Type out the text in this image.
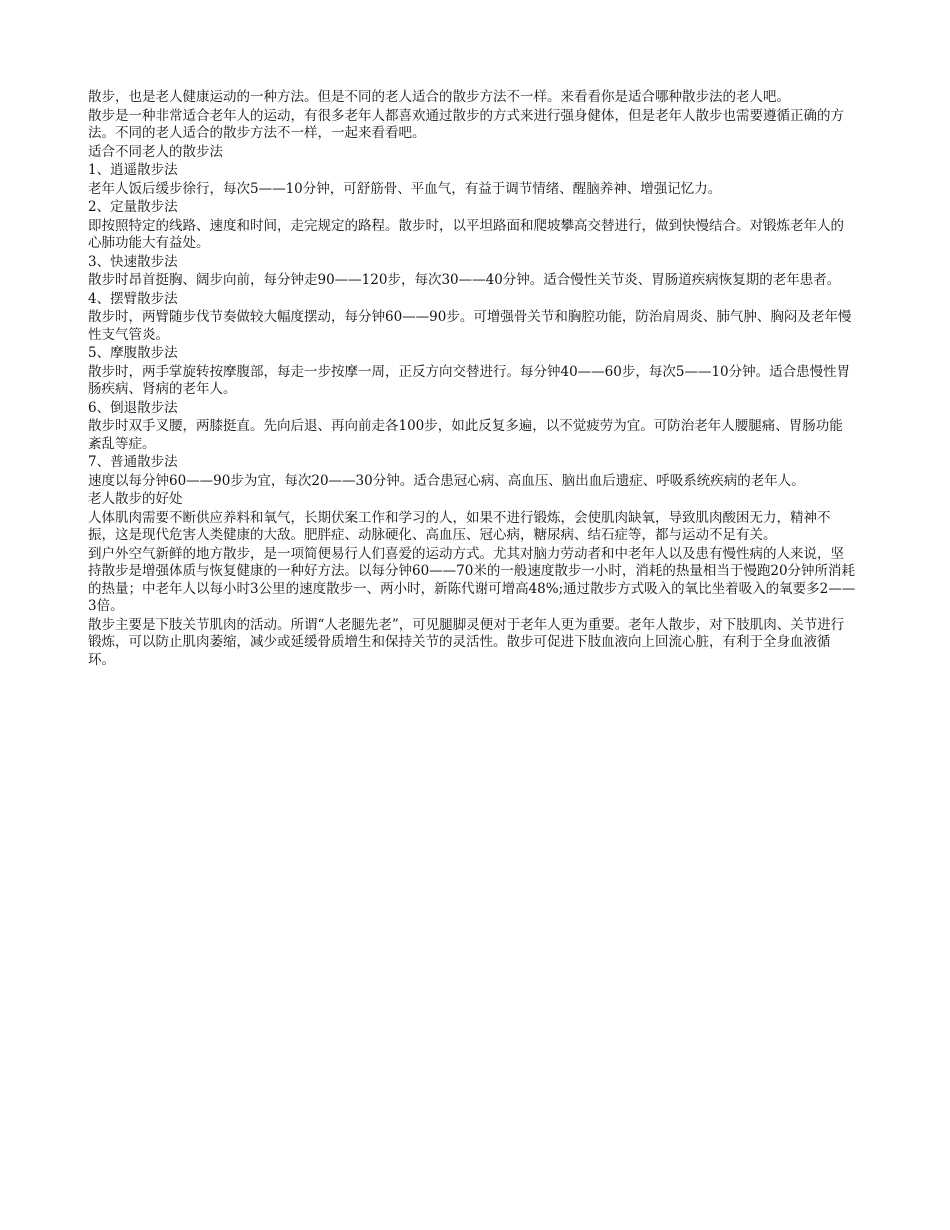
散步，也是老人健康运动的一种方法。但是不同的老人适合的散步方法不一样。来看看你是适合哪种散步法的老人吧。

散步是一种非常适合老年人的运动，有很多老年人都喜欢通过散步的方式来进行强身健体，但是老年人散步也需要遵循正确的方法。不同的老人适合的散步方法不一样，一起来看看吧。

适合不同老人的散步法

1、逍遥散步法

老年人饭后缓步徐行，每次5——10分钟，可舒筋骨、平血气，有益于调节情绪、醒脑养神、增强记忆力。

2、定量散步法

即按照特定的线路、速度和时间，走完规定的路程。散步时，以平坦路面和爬坡攀高交替进行，做到快慢结合。对锻炼老年人的心肺功能大有益处。

3、快速散步法

散步时昂首挺胸、阔步向前，每分钟走90——120步，每次30——40分钟。适合慢性关节炎、胃肠道疾病恢复期的老年患者。

4、摆臂散步法

散步时，两臂随步伐节奏做较大幅度摆动，每分钟60——90步。可增强骨关节和胸腔功能，防治肩周炎、肺气肿、胸闷及老年慢性支气管炎。

5、摩腹散步法

散步时，两手掌旋转按摩腹部，每走一步按摩一周，正反方向交替进行。每分钟40——60步，每次5——10分钟。适合患慢性胃肠疾病、肾病的老年人。

6、倒退散步法

散步时双手叉腰，两膝挺直。先向后退、再向前走各100步，如此反复多遍，以不觉疲劳为宜。可防治老年人腰腿痛、胃肠功能紊乱等症。

7、普通散步法

速度以每分钟60——90步为宜，每次20——30分钟。适合患冠心病、高血压、脑出血后遗症、呼吸系统疾病的老年人。

老人散步的好处

人体肌肉需要不断供应养料和氧气，长期伏案工作和学习的人，如果不进行锻炼，会使肌肉缺氧，导致肌肉酸困无力，精神不振，这是现代危害人类健康的大敌。肥胖症、动脉硬化、高血压、冠心病，糖尿病、结石症等，都与运动不足有关。

到户外空气新鲜的地方散步，是一项简便易行人们喜爱的运动方式。尤其对脑力劳动者和中老年人以及患有慢性病的人来说，坚持散步是增强体质与恢复健康的一种好方法。以每分钟60——70米的一般速度散步一小时，消耗的热量相当于慢跑20分钟所消耗的热量；中老年人以每小时3公里的速度散步一、两小时，新陈代谢可增高48%;通过散步方式吸入的氧比坐着吸入的氧要多2——3倍。

散步主要是下肢关节肌肉的活动。所谓“人老腿先老”，可见腿脚灵便对于老年人更为重要。老年人散步，对下肢肌肉、关节进行锻炼，可以防止肌肉萎缩，减少或延缓骨质增生和保持关节的灵活性。散步可促进下肢血液向上回流心脏，有利于全身血液循环。
